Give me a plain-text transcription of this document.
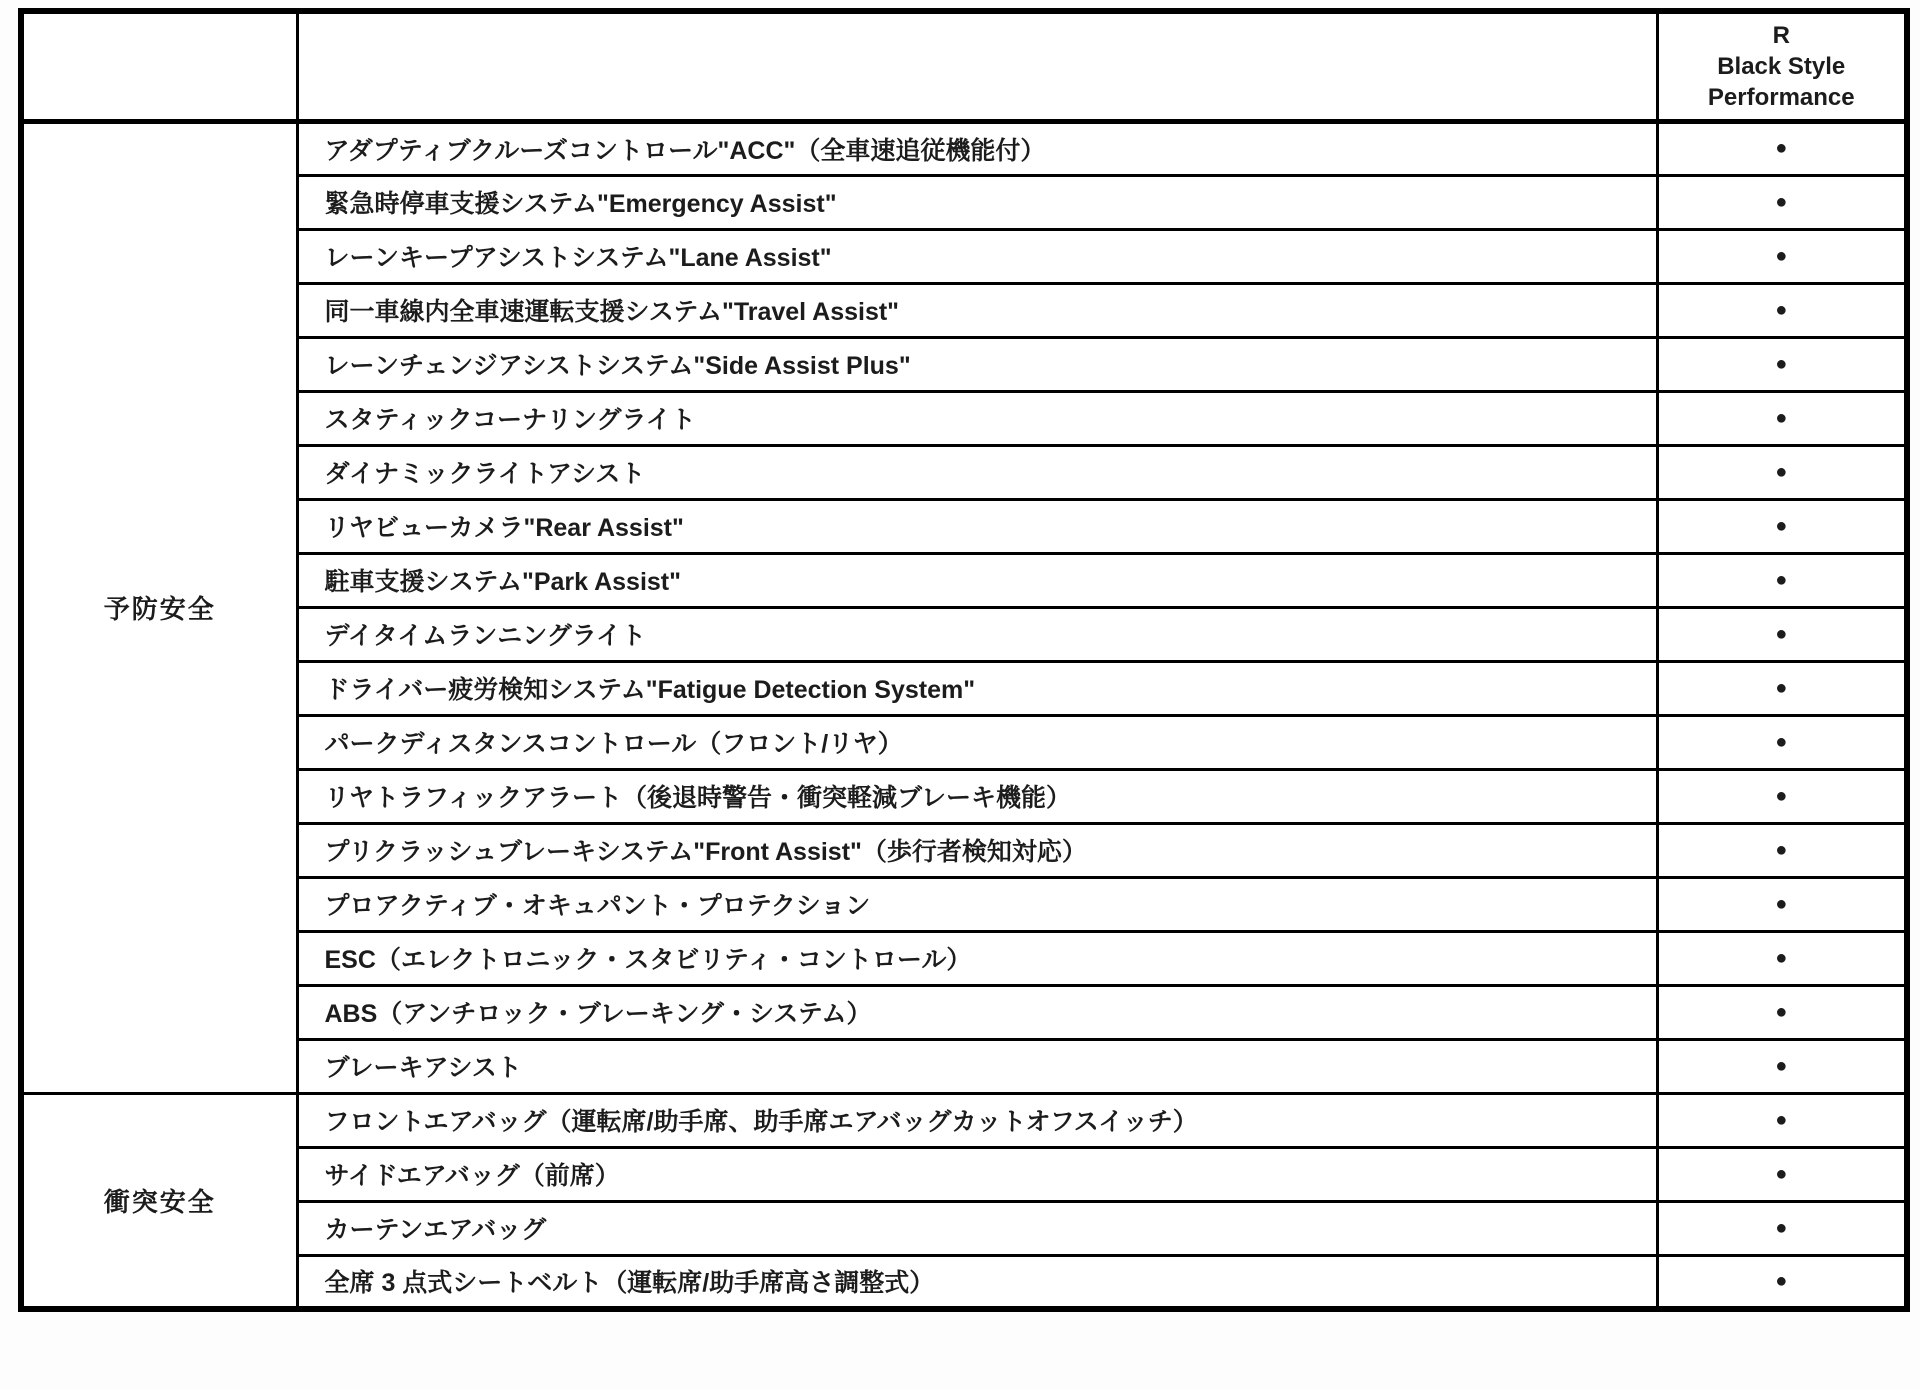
		R
Black Style
Performance

予防安全	アダプティブクルーズコントロール"ACC"（全車速追従機能付）	●
	緊急時停車支援システム"Emergency Assist"	●
	レーンキープアシストシステム"Lane Assist"	●
	同一車線内全車速運転支援システム"Travel Assist"	●
	レーンチェンジアシストシステム"Side Assist Plus"	●
	スタティックコーナリングライト	●
	ダイナミックライトアシスト	●
	リヤビューカメラ"Rear Assist"	●
	駐車支援システム"Park Assist"	●
	デイタイムランニングライト	●
	ドライバー疲労検知システム"Fatigue Detection System"	●
	パークディスタンスコントロール（フロント/リヤ）	●
	リヤトラフィックアラート（後退時警告・衝突軽減ブレーキ機能）	●
	プリクラッシュブレーキシステム"Front Assist"（歩行者検知対応）	●
	プロアクティブ・オキュパント・プロテクション	●
	ESC（エレクトロニック・スタビリティ・コントロール）	●
	ABS（アンチロック・ブレーキング・システム）	●
	ブレーキアシスト	●
衝突安全	フロントエアバッグ（運転席/助手席、助手席エアバッグカットオフスイッチ）	●
	サイドエアバッグ（前席）	●
	カーテンエアバッグ	●
	全席 3 点式シートベルト（運転席/助手席高さ調整式）	●
